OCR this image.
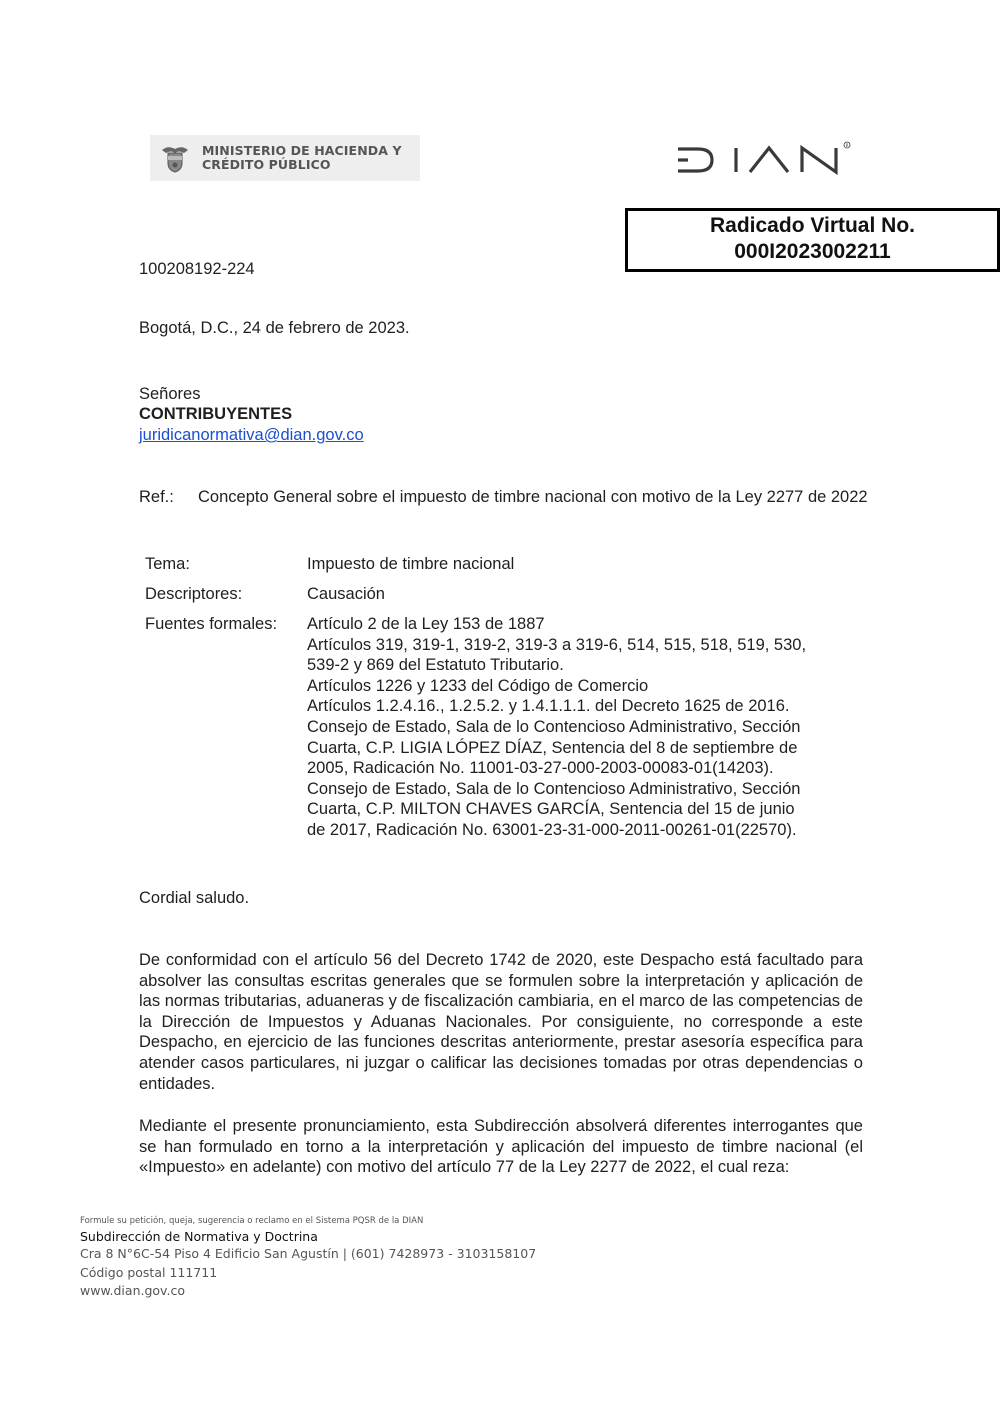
MINISTERIO DE HACIENDA Y
CRÉDITO PÚBLICO
R
Radicado Virtual No.
000I2023002211
100208192-224
Bogotá, D.C., 24 de febrero de 2023.
Señores
CONTRIBUYENTES
juridicanormativa@dian.gov.co
Ref.: Concepto General sobre el impuesto de timbre nacional con motivo de la Ley 2277 de 2022
Tema:	Impuesto de timbre nacional
Descriptores:	Causación
Fuentes formales: Artículo 2 de la Ley 153 de 1887
Artículos 319, 319-1, 319-2, 319-3 a 319-6, 514, 515, 518, 519, 530,
539-2 y 869 del Estatuto Tributario.
Artículos 1226 y 1233 del Código de Comercio
Artículos 1.2.4.16., 1.2.5.2. y 1.4.1.1.1. del Decreto 1625 de 2016.
Consejo de Estado, Sala de lo Contencioso Administrativo, Sección
Cuarta, C.P. LIGIA LÓPEZ DÍAZ, Sentencia del 8 de septiembre de
2005, Radicación No. 11001-03-27-000-2003-00083-01(14203).
Consejo de Estado, Sala de lo Contencioso Administrativo, Sección
Cuarta, C.P. MILTON CHAVES GARCÍA, Sentencia del 15 de junio
de 2017, Radicación No. 63001-23-31-000-2011-00261-01(22570).
Cordial saludo.
De conformidad con el artículo 56 del Decreto 1742 de 2020, este Despacho está facultado para absolver las consultas escritas generales que se formulen sobre la interpretación y aplicación de las normas tributarias, aduaneras y de fiscalización cambiaria, en el marco de las competencias de la Dirección de Impuestos y Aduanas Nacionales. Por consiguiente, no corresponde a este Despacho, en ejercicio de las funciones descritas anteriormente, prestar asesoría específica para atender casos particulares, ni juzgar o calificar las decisiones tomadas por otras dependencias o entidades.
Mediante el presente pronunciamiento, esta Subdirección absolverá diferentes interrogantes que se han formulado en torno a la interpretación y aplicación del impuesto de timbre nacional (el «Impuesto» en adelante) con motivo del artículo 77 de la Ley 2277 de 2022, el cual reza:
Formule su petición, queja, sugerencia o reclamo en el Sistema PQSR de la DIAN
Subdirección de Normativa y Doctrina
Cra 8 N°6C-54 Piso 4 Edificio San Agustín | (601) 7428973 - 3103158107
Código postal 111711
www.dian.gov.co
